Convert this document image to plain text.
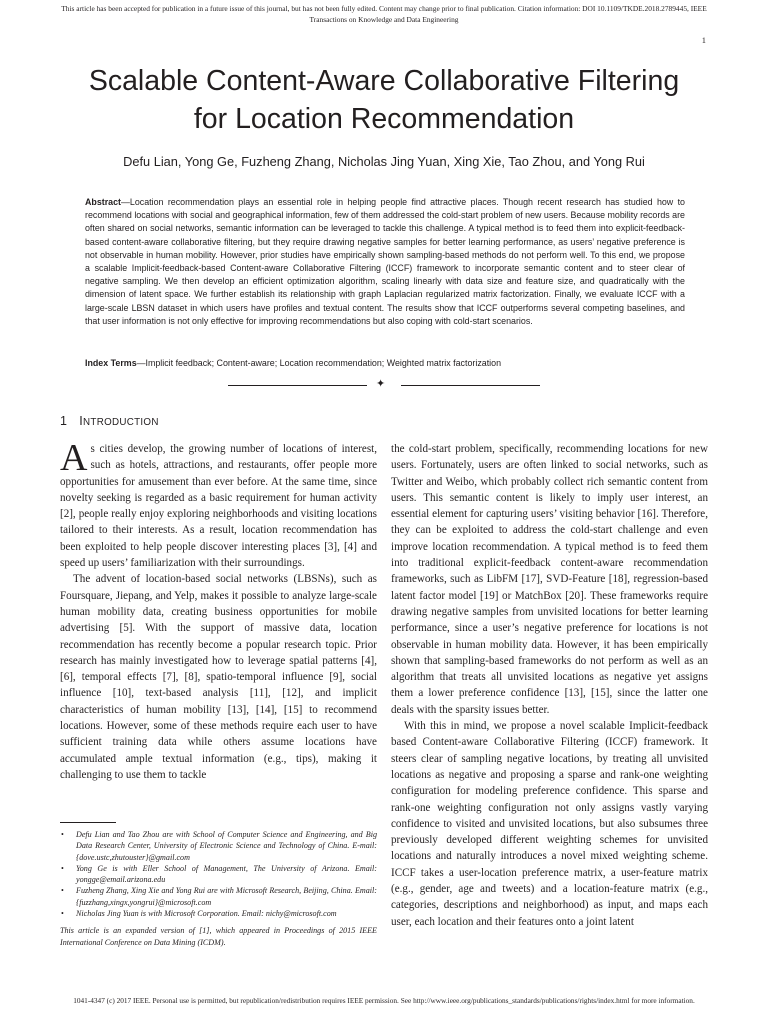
This article has been accepted for publication in a future issue of this journal, but has not been fully edited. Content may change prior to final publication. Citation information: DOI 10.1109/TKDE.2018.2789445, IEEE
Transactions on Knowledge and Data Engineering
1
Scalable Content-Aware Collaborative Filtering
for Location Recommendation
Defu Lian, Yong Ge, Fuzheng Zhang, Nicholas Jing Yuan, Xing Xie, Tao Zhou, and Yong Rui
Abstract—Location recommendation plays an essential role in helping people find attractive places. Though recent research has studied how to recommend locations with social and geographical information, few of them addressed the cold-start problem of new users. Because mobility records are often shared on social networks, semantic information can be leveraged to tackle this challenge. A typical method is to feed them into explicit-feedback-based content-aware collaborative filtering, but they require drawing negative samples for better learning performance, as users’ negative preference is not observable in human mobility. However, prior studies have empirically shown sampling-based methods do not perform well. To this end, we propose a scalable Implicit-feedback-based Content-aware Collaborative Filtering (ICCF) framework to incorporate semantic content and to steer clear of negative sampling. We then develop an efficient optimization algorithm, scaling linearly with data size and feature size, and quadratically with the dimension of latent space. We further establish its relationship with graph Laplacian regularized matrix factorization. Finally, we evaluate ICCF with a large-scale LBSN dataset in which users have profiles and textual content. The results show that ICCF outperforms several competing baselines, and that user information is not only effective for improving recommendations but also coping with cold-start scenarios.
Index Terms—Implicit feedback; Content-aware; Location recommendation; Weighted matrix factorization
✦
1 INTRODUCTION

As cities develop, the growing number of locations of interest, such as hotels, attractions, and restaurants, offer people more opportunities for amusement than ever before. At the same time, since novelty seeking is regarded as a basic requirement for human activity [2], people really enjoy exploring neighborhoods and visiting locations tailored to their interests. As a result, location recommendation has been exploited to help people discover interesting places [3], [4] and speed up users’ familiarization with their surroundings.

The advent of location-based social networks (LBSNs), such as Foursquare, Jiepang, and Yelp, makes it possible to analyze large-scale human mobility data, creating business opportunities for mobile advertising [5]. With the support of massive data, location recommendation has recently become a popular research topic. Prior research has mainly investigated how to leverage spatial patterns [4], [6], temporal effects [7], [8], spatio-temporal influence [9], social influence [10], text-based analysis [11], [12], and implicit characteristics of human mobility [13], [14], [15] to recommend locations. However, some of these methods require each user to have sufficient training data while others assume locations have accumulated ample textual information (e.g., tips), making it challenging to use them to tackle

the cold-start problem, specifically, recommending locations for new users. Fortunately, users are often linked to social networks, such as Twitter and Weibo, which probably collect rich semantic content from users. This semantic content is likely to imply user interest, an essential element for capturing users’ visiting behavior [16]. Therefore, they can be exploited to address the cold-start challenge and even improve location recommendation. A typical method is to feed them into traditional explicit-feedback content-aware recommendation frameworks, such as LibFM [17], SVD-Feature [18], regression-based latent factor model [19] or MatchBox [20]. These frameworks require drawing negative samples from unvisited locations for better learning performance, since a user’s negative preference for locations is not observable in human mobility data. However, it has been empirically shown that sampling-based frameworks do not perform as well as an algorithm that treats all unvisited locations as negative yet assigns them a lower preference confidence [13], [15], since the latter one deals with the sparsity issues better.

With this in mind, we propose a novel scalable Implicit-feedback based Content-aware Collaborative Filtering (ICCF) framework. It steers clear of sampling negative locations, by treating all unvisited locations as negative and proposing a sparse and rank-one weighting configuration for modeling preference confidence. This sparse and rank-one weighting configuration not only assigns vastly varying confidence to visited and unvisited locations, but also subsumes three previously developed different weighting schemes for unvisited locations and naturally introduces a novel mixed weighting scheme. ICCF takes a user-location preference matrix, a user-feature matrix (e.g., gender, age and tweets) and a location-feature matrix (e.g., categories, descriptions and neighborhood) as input, and maps each user, each location and their features onto a joint latent

• Defu Lian and Tao Zhou are with School of Computer Science and Engineering, and Big Data Research Center, University of Electronic Science and Technology of China. E-mail: {dove.ustc,zhutouster}@gmail.com
• Yong Ge is with Eller School of Management, The University of Arizona. Email: yongge@email.arizona.edu
• Fuzheng Zhang, Xing Xie and Yong Rui are with Microsoft Research, Beijing, China. Email: {fuzzhang,xingx,yongrui}@microsoft.com
• Nicholas Jing Yuan is with Microsoft Corporation. Email: nichy@microsoft.com

This article is an expanded version of [1], which appeared in Proceedings of 2015 IEEE International Conference on Data Mining (ICDM).

1041-4347 (c) 2017 IEEE. Personal use is permitted, but republication/redistribution requires IEEE permission. See http://www.ieee.org/publications_standards/publications/rights/index.html for more information.
